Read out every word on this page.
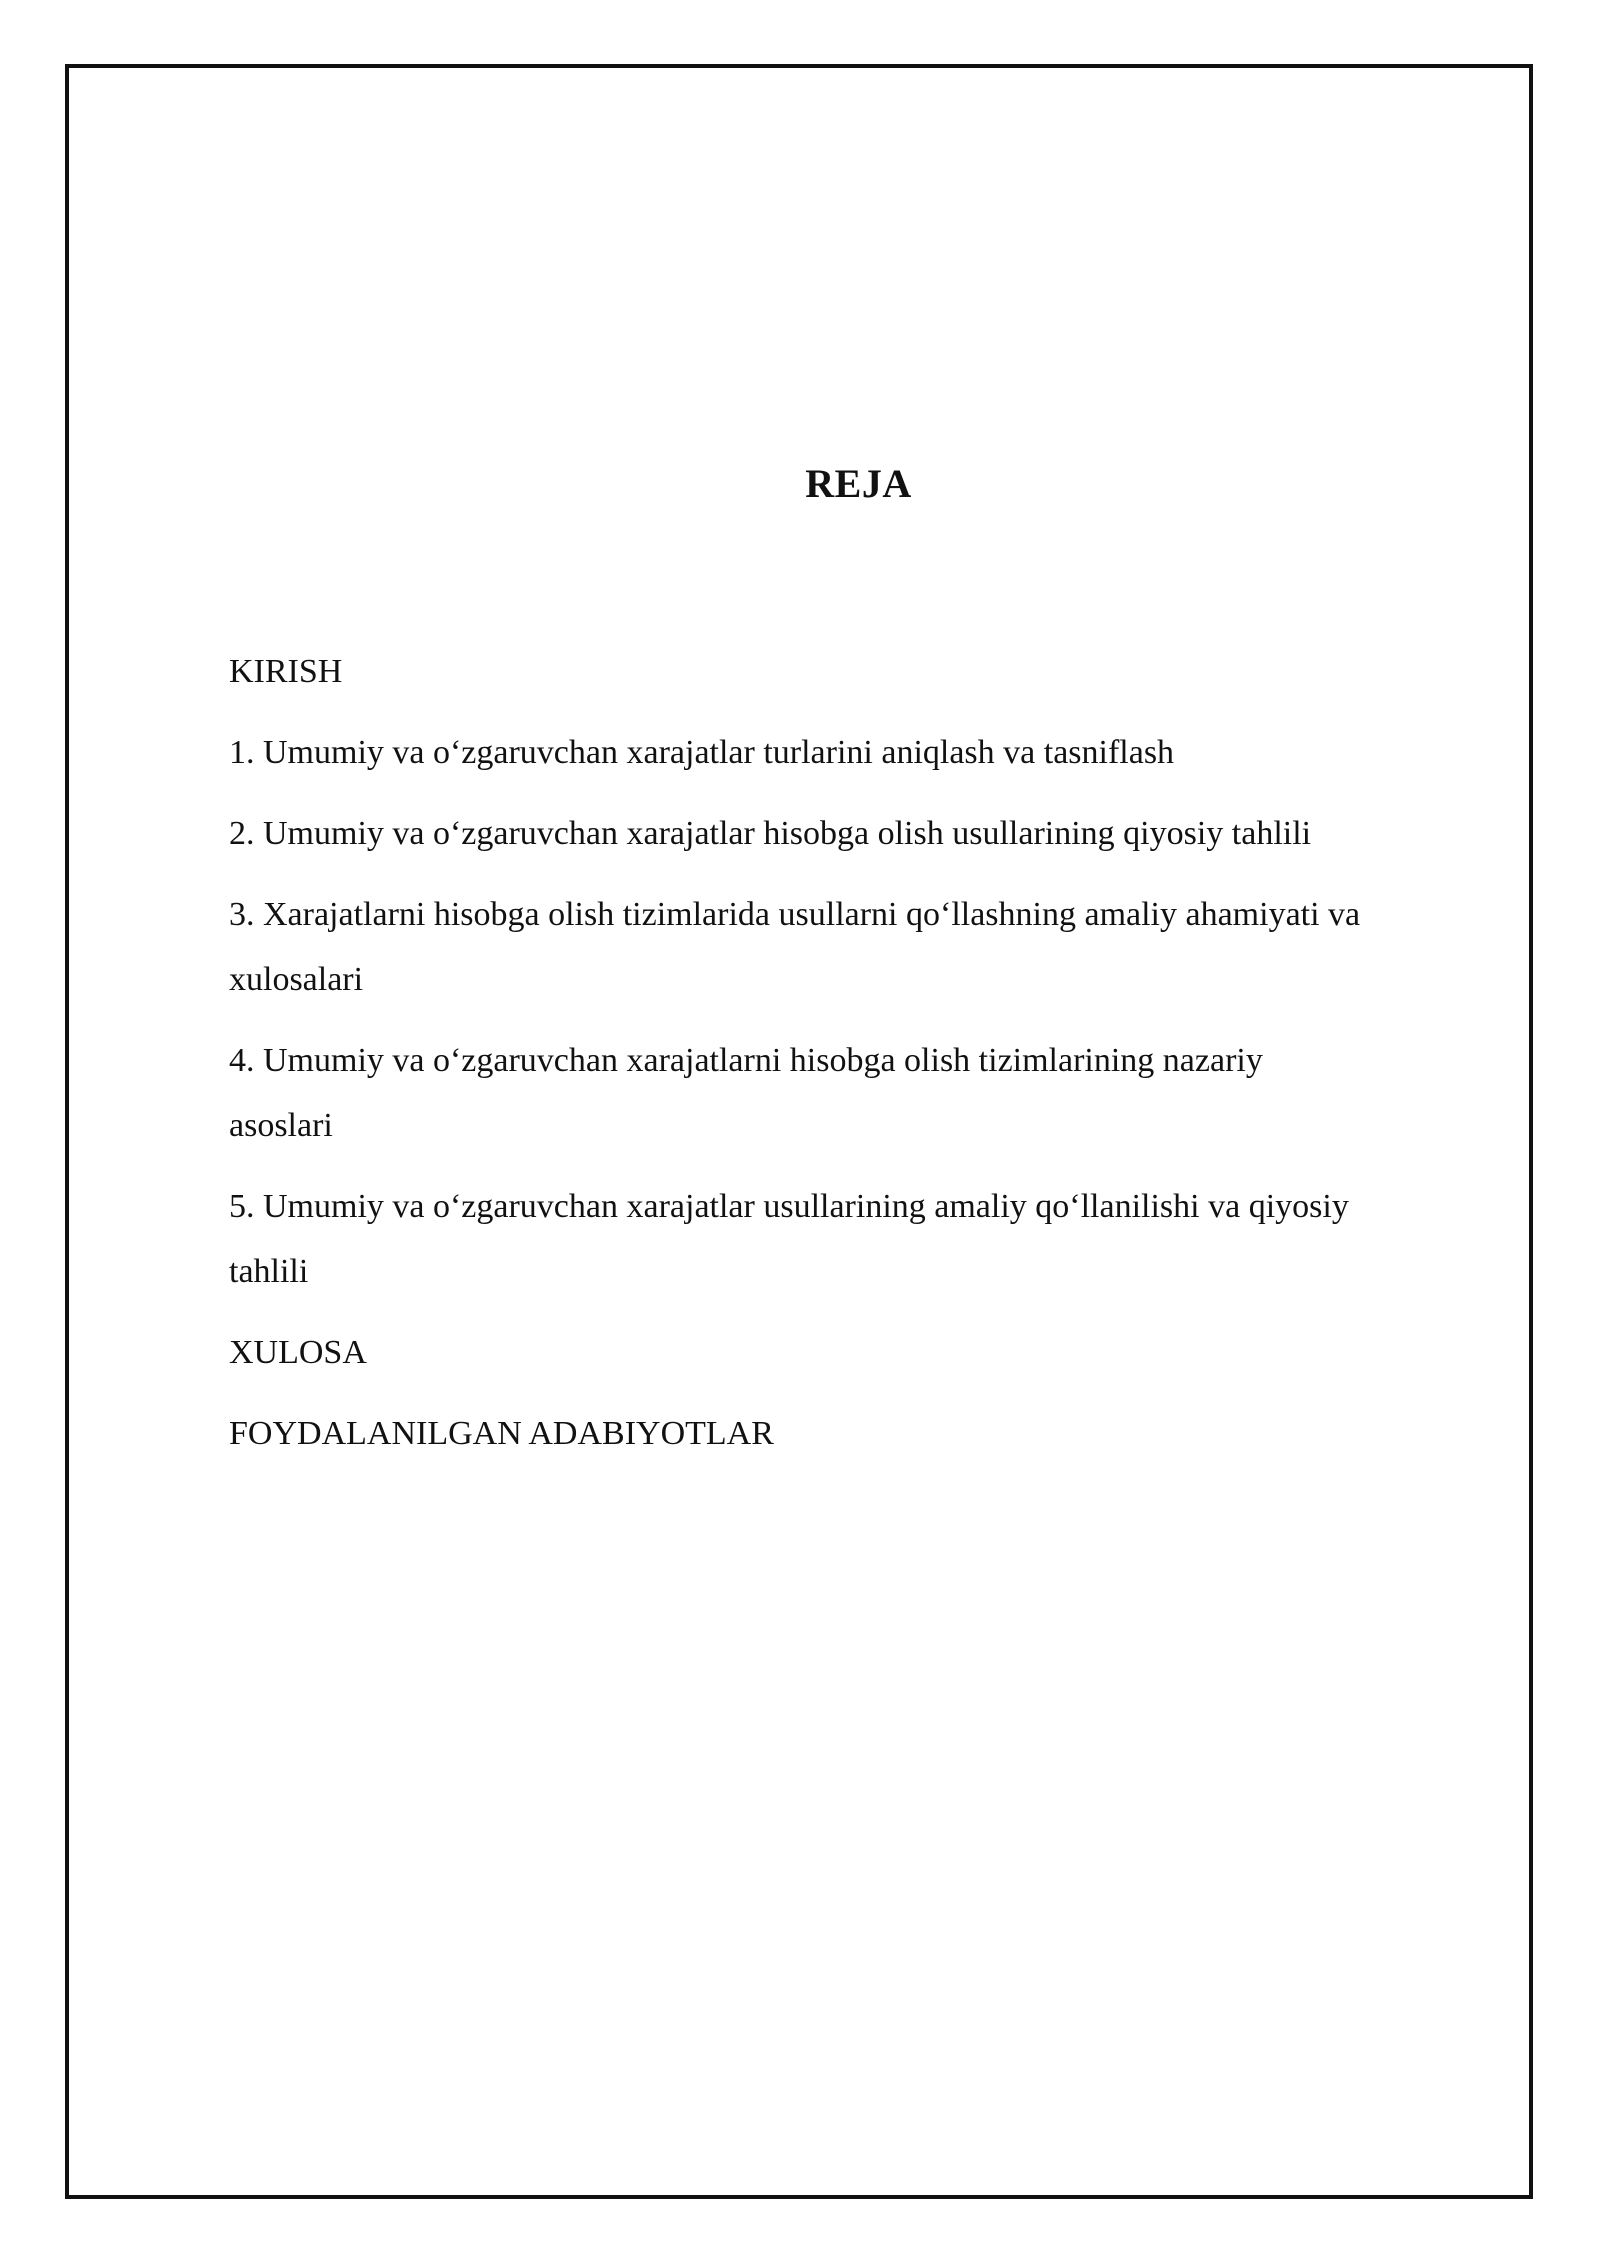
REJA
KIRISH
1. Umumiy va o‘zgaruvchan xarajatlar turlarini aniqlash va tasniflash
2. Umumiy va o‘zgaruvchan xarajatlar hisobga olish usullarining qiyosiy tahlili
3. Xarajatlarni hisobga olish tizimlarida usullarni qo‘llashning amaliy ahamiyati va
xulosalari
4. Umumiy va o‘zgaruvchan xarajatlarni hisobga olish tizimlarining nazariy
asoslari
5. Umumiy va o‘zgaruvchan xarajatlar usullarining amaliy qo‘llanilishi va qiyosiy
tahlili
XULOSA
FOYDALANILGAN ADABIYOTLAR
